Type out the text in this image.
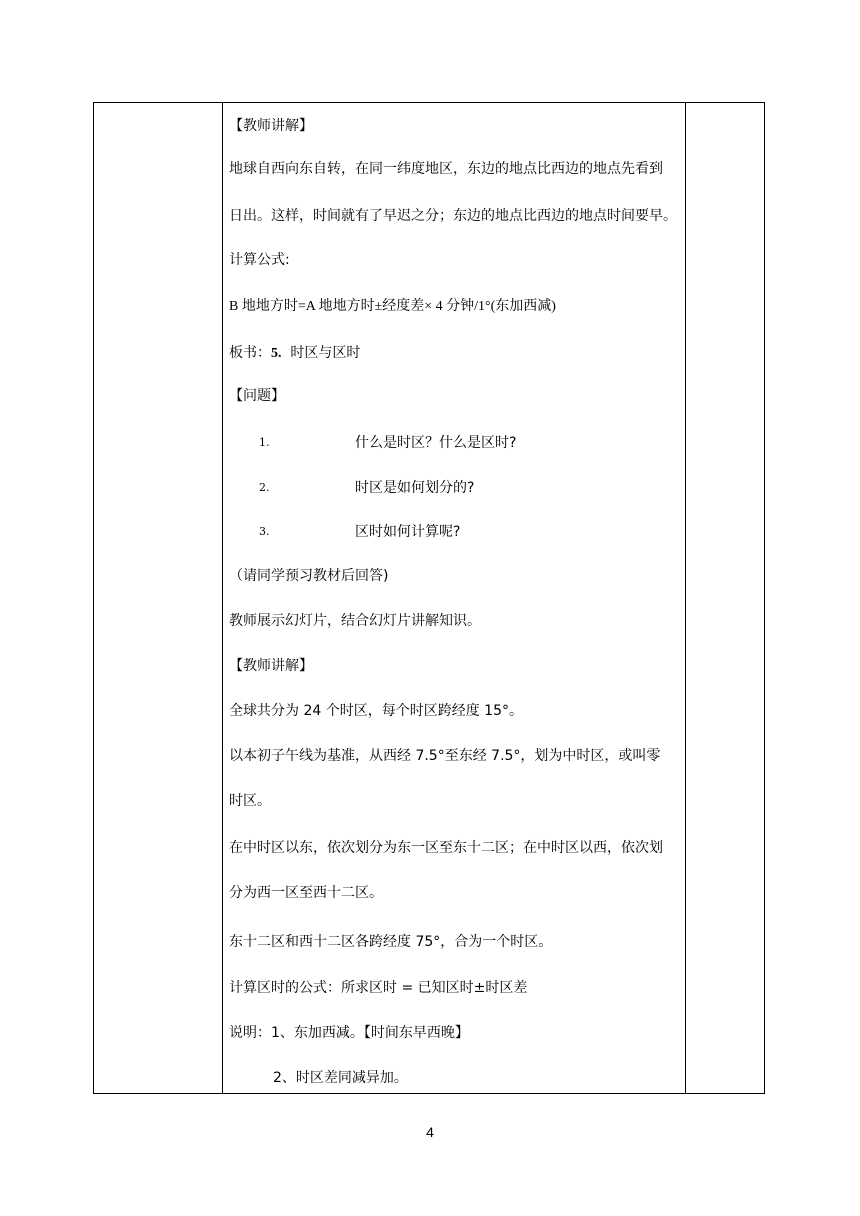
【教师讲解】
地球自西向东自转，在同一纬度地区，东边的地点比西边的地点先看到
日出。这样，时间就有了早迟之分；东边的地点比西边的地点时间要早。
计算公式:
B 地地方时=A 地地方时±经度差× 4 分钟/1°(东加西减)
板书：5. 时区与区时
【问题】
1.	什么是时区？什么是区时?
2.	时区是如何划分的?
3.	区时如何计算呢?
（请同学预习教材后回答)
教师展示幻灯片，结合幻灯片讲解知识。
【教师讲解】
全球共分为 24 个时区，每个时区跨经度 15°。
以本初子午线为基准，从西经 7.5°至东经 7.5°，划为中时区，或叫零
时区。
在中时区以东，依次划分为东一区至东十二区；在中时区以西，依次划
分为西一区至西十二区。
东十二区和西十二区各跨经度 75°，合为一个时区。
计算区时的公式：所求区时 = 已知区时±时区差
说明：1、东加西减。【时间东早西晚】
2、时区差同减异加。
4
